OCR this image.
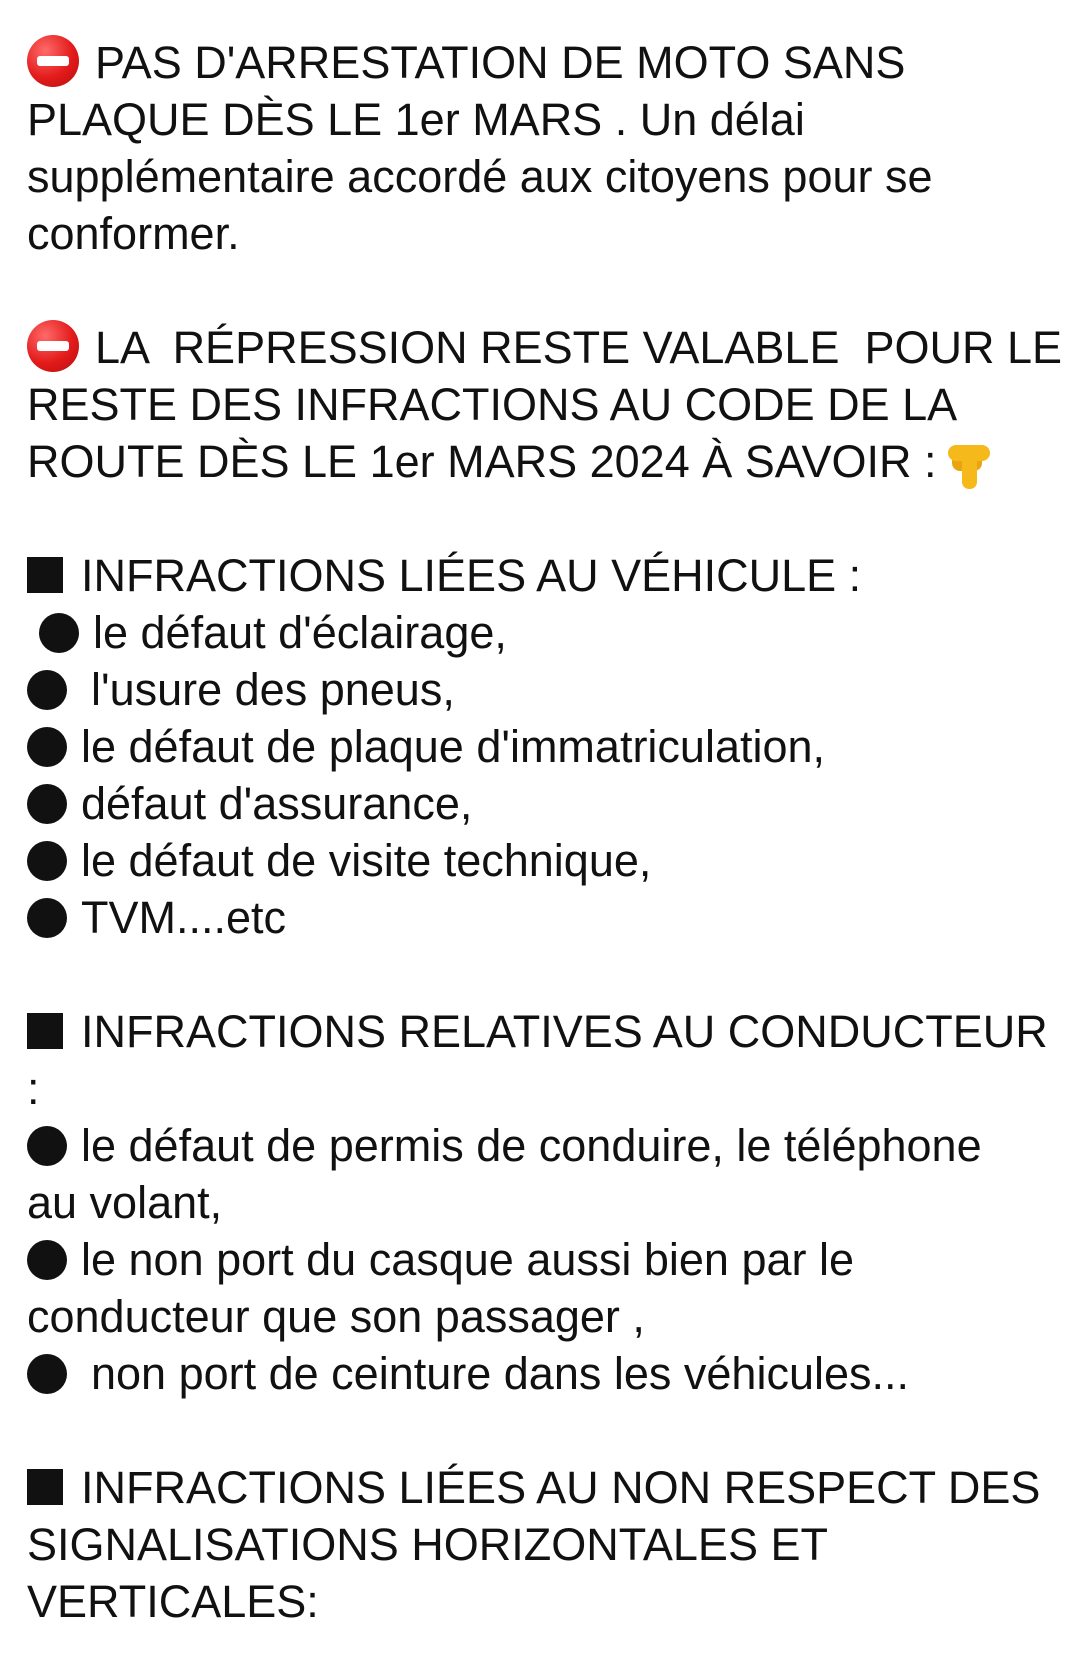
PAS D'ARRESTATION DE MOTO SANS
PLAQUE DÈS LE 1er MARS . Un délai
supplémentaire accordé aux citoyens pour se
conformer.
LA  RÉPRESSION RESTE VALABLE  POUR LE
RESTE DES INFRACTIONS AU CODE DE LA
ROUTE DÈS LE 1er MARS 2024 À SAVOIR :
INFRACTIONS LIÉES AU VÉHICULE :
le défaut d'éclairage,
l'usure des pneus,
le défaut de plaque d'immatriculation,
défaut d'assurance,
le défaut de visite technique,
TVM....etc
INFRACTIONS RELATIVES AU CONDUCTEUR
:
le défaut de permis de conduire, le téléphone
au volant,
le non port du casque aussi bien par le
conducteur que son passager ,
non port de ceinture dans les véhicules...
INFRACTIONS LIÉES AU NON RESPECT DES
SIGNALISATIONS HORIZONTALES ET
VERTICALES:
